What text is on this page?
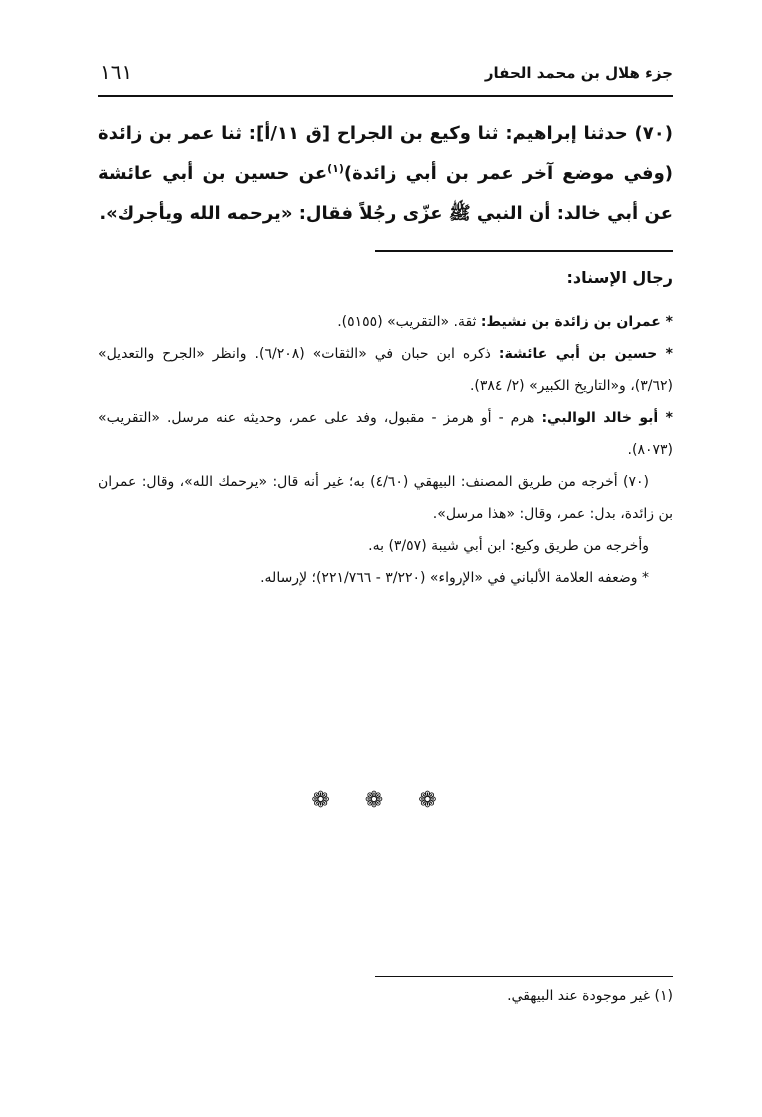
جزء هلال بن محمد الحفار
١٦١
(٧٠) حدثنا إبراهيم: ثنا وكيع بن الجراح [ق ١١/أ]: ثنا عمر بن زائدة (وفي موضع آخر عمر بن أبي زائدة)$^{(١)}$عن حسين بن أبي عائشة عن أبي خالد: أن النبي ﷺ عزّى رجُلاً فقال: «يرحمه الله ويأجرك».
رجال الإسناد:

* عمران بن زائدة بن نشيط: ثقة. «التقريب» (٥١٥٥).

* حسين بن أبي عائشة: ذكره ابن حبان في «الثقات» (٦/٢٠٨). وانظر «الجرح والتعديل» (٣/٦٢)، و«التاريخ الكبير» (٢/ ٣٨٤).

* أبو خالد الوالبي: هرم - أو هرمز - مقبول، وفد على عمر، وحديثه عنه مرسل. «التقريب» (٨٠٧٣).

(٧٠) أخرجه من طريق المصنف: البيهقي (٤/٦٠) به؛ غير أنه قال: «يرحمك الله»، وقال: عمران بن زائدة، بدل: عمر، وقال: «هذا مرسل».

وأخرجه من طريق وكيع: ابن أبي شيبة (٣/٥٧) به.

* وضعفه العلامة الألباني في «الإرواء» (٣/٢٢٠ - ٢٢١/٧٦٦)؛ لإرساله.

❁ ❁ ❁
(١) غير موجودة عند البيهقي.
